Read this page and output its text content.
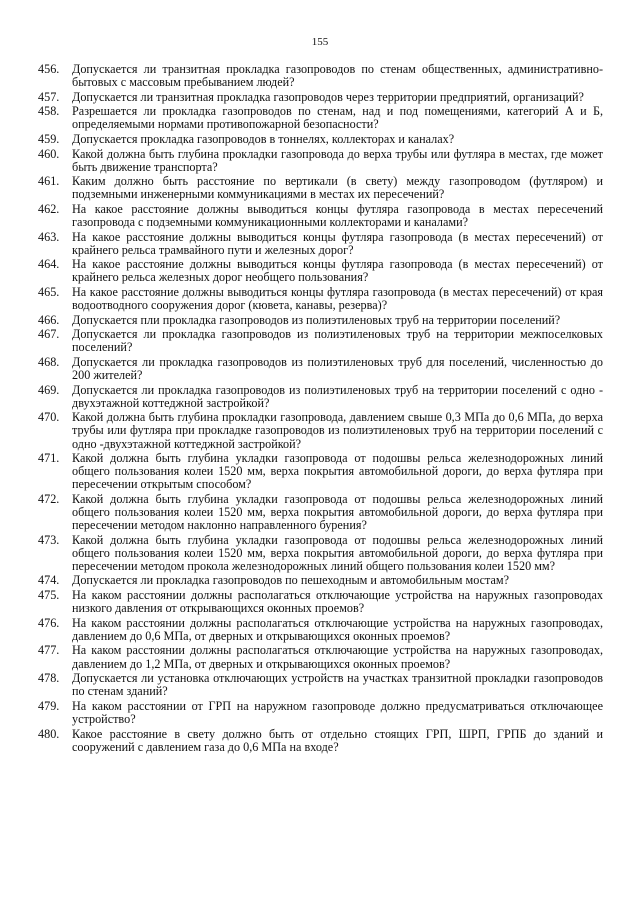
155
456.	Допускается ли транзитная прокладка газопроводов по стенам общественных, административно-бытовых с массовым пребыванием людей?
457.	Допускается ли транзитная прокладка газопроводов через территории предприятий, организаций?
458.	Разрешается ли прокладка газопроводов по стенам, над и под помещениями, категорий А и Б, определяемыми нормами противопожарной безопасности?
459.	Допускается прокладка газопроводов в тоннелях, коллекторах и каналах?
460.	Какой должна быть глубина прокладки газопровода до верха трубы или футляра в местах, где может быть движение транспорта?
461.	Каким должно быть расстояние по вертикали (в свету) между газопроводом (футляром) и подземными инженерными коммуникациями в местах их пересечений?
462.	На какое расстояние должны выводиться концы футляра газопровода в местах пересечений газопровода с подземными коммуникационными коллекторами и каналами?
463.	На какое расстояние должны выводиться концы футляра газопровода (в местах пересечений) от крайнего рельса трамвайного пути и железных дорог?
464.	На какое расстояние должны выводиться концы футляра газопровода (в местах пересечений) от крайнего рельса железных дорог необщего пользования?
465.	На какое расстояние должны выводиться концы футляра газопровода (в местах пересечений) от края водоотводного сооружения дорог (кювета, канавы, резерва)?
466.	Допускается пли прокладка газопроводов из полиэтиленовых труб на территории поселений?
467.	Допускается ли прокладка газопроводов из полиэтиленовых труб на территории межпоселковых поселений?
468.	Допускается ли прокладка газопроводов из полиэтиленовых труб для поселений, численностью до 200 жителей?
469.	Допускается ли прокладка газопроводов из полиэтиленовых труб на территории поселений с одно - двухэтажной коттеджной застройкой?
470.	Какой должна быть глубина прокладки газопровода, давлением свыше 0,3 МПа до 0,6 МПа, до верха трубы или футляра при прокладке газопроводов из полиэтиленовых труб на территории поселений с одно -двухэтажной коттеджной застройкой?
471.	Какой должна быть глубина укладки газопровода от подошвы рельса железнодорожных линий общего пользования колеи 1520 мм, верха покрытия автомобильной дороги, до верха футляра при пересечении открытым способом?
472.	Какой должна быть глубина укладки газопровода от подошвы рельса железнодорожных линий общего пользования колеи 1520 мм, верха покрытия автомобильной дороги, до верха футляра при пересечении методом наклонно направленного бурения?
473.	Какой должна быть глубина укладки газопровода от подошвы рельса железнодорожных линий общего пользования колеи 1520 мм, верха покрытия автомобильной дороги, до верха футляра при пересечении методом прокола железнодорожных линий общего пользования колеи 1520 мм?
474.	Допускается ли прокладка газопроводов по пешеходным и автомобильным мостам?
475.	На каком расстоянии должны располагаться отключающие устройства на наружных газопроводах низкого давления от открывающихся оконных проемов?
476.	На каком расстоянии должны располагаться отключающие устройства на наружных газопроводах, давлением до 0,6 МПа, от дверных и открывающихся оконных проемов?
477.	На каком расстоянии должны располагаться отключающие устройства на наружных газопроводах, давлением до 1,2 МПа, от дверных и открывающихся оконных проемов?
478.	Допускается ли установка отключающих устройств на участках транзитной прокладки газопроводов по стенам зданий?
479.	На каком расстоянии от ГРП на наружном газопроводе должно предусматриваться отключающее устройство?
480.	Какое расстояние в свету должно быть от отдельно стоящих ГРП, ШРП, ГРПБ до зданий и сооружений с давлением газа до 0,6 МПа на входе?
